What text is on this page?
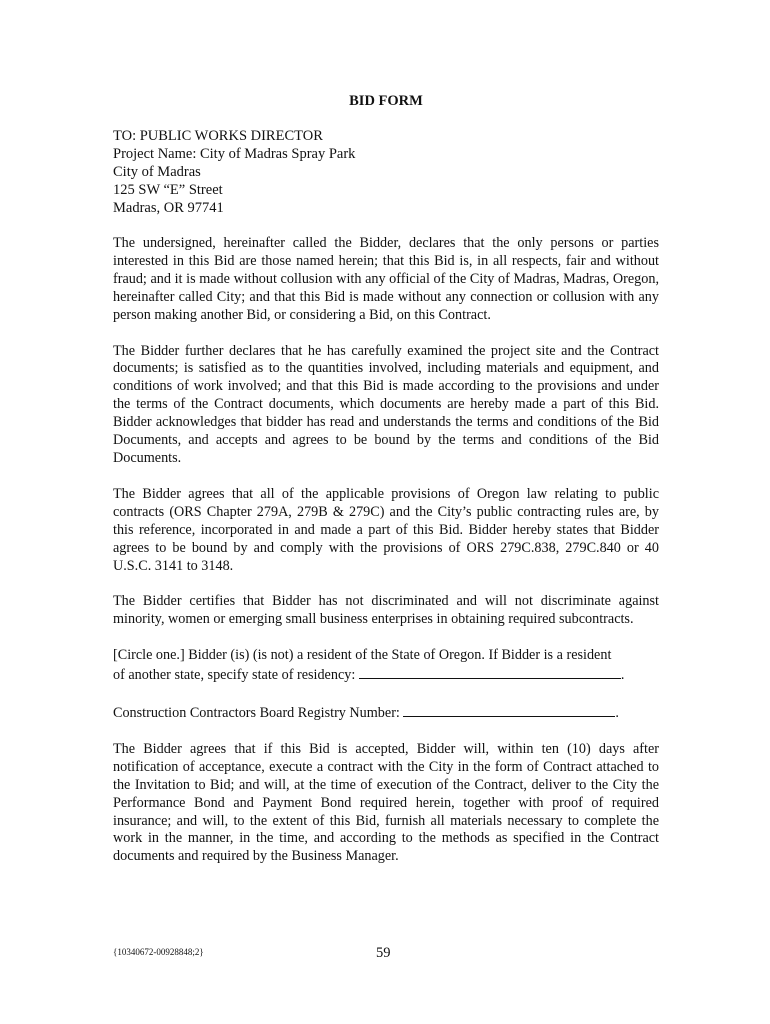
BID FORM

TO: PUBLIC WORKS DIRECTOR

Project Name: City of Madras Spray Park

City of Madras

125 SW “E” Street

Madras, OR 97741

The undersigned, hereinafter called the Bidder, declares that the only persons or parties interested in this Bid are those named herein; that this Bid is, in all respects, fair and without fraud; and it is made without collusion with any official of the City of Madras, Madras, Oregon, hereinafter called City; and that this Bid is made without any connection or collusion with any person making another Bid, or considering a Bid, on this Contract.

The Bidder further declares that he has carefully examined the project site and the Contract documents; is satisfied as to the quantities involved, including materials and equipment, and conditions of work involved; and that this Bid is made according to the provisions and under the terms of the Contract documents, which documents are hereby made a part of this Bid. Bidder acknowledges that bidder has read and understands the terms and conditions of the Bid Documents, and accepts and agrees to be bound by the terms and conditions of the Bid Documents.

The Bidder agrees that all of the applicable provisions of Oregon law relating to public contracts (ORS Chapter 279A, 279B & 279C) and the City’s public contracting rules are, by this reference, incorporated in and made a part of this Bid. Bidder hereby states that Bidder agrees to be bound by and comply with the provisions of ORS 279C.838, 279C.840 or 40 U.S.C. 3141 to 3148.

The Bidder certifies that Bidder has not discriminated and will not discriminate against minority, women or emerging small business enterprises in obtaining required subcontracts.

[Circle one.] Bidder (is) (is not) a resident of the State of Oregon. If Bidder is a resident
of another state, specify state of residency:	.
Construction Contractors Board Registry Number:	.

The Bidder agrees that if this Bid is accepted, Bidder will, within ten (10) days after notification of acceptance, execute a contract with the City in the form of Contract attached to the Invitation to Bid; and will, at the time of execution of the Contract, deliver to the City the Performance Bond and Payment Bond required herein, together with proof of required insurance; and will, to the extent of this Bid, furnish all materials necessary to complete the work in the manner, in the time, and according to the methods as specified in the Contract documents and required by the Business Manager.

{10340672-00928848;2}	59
